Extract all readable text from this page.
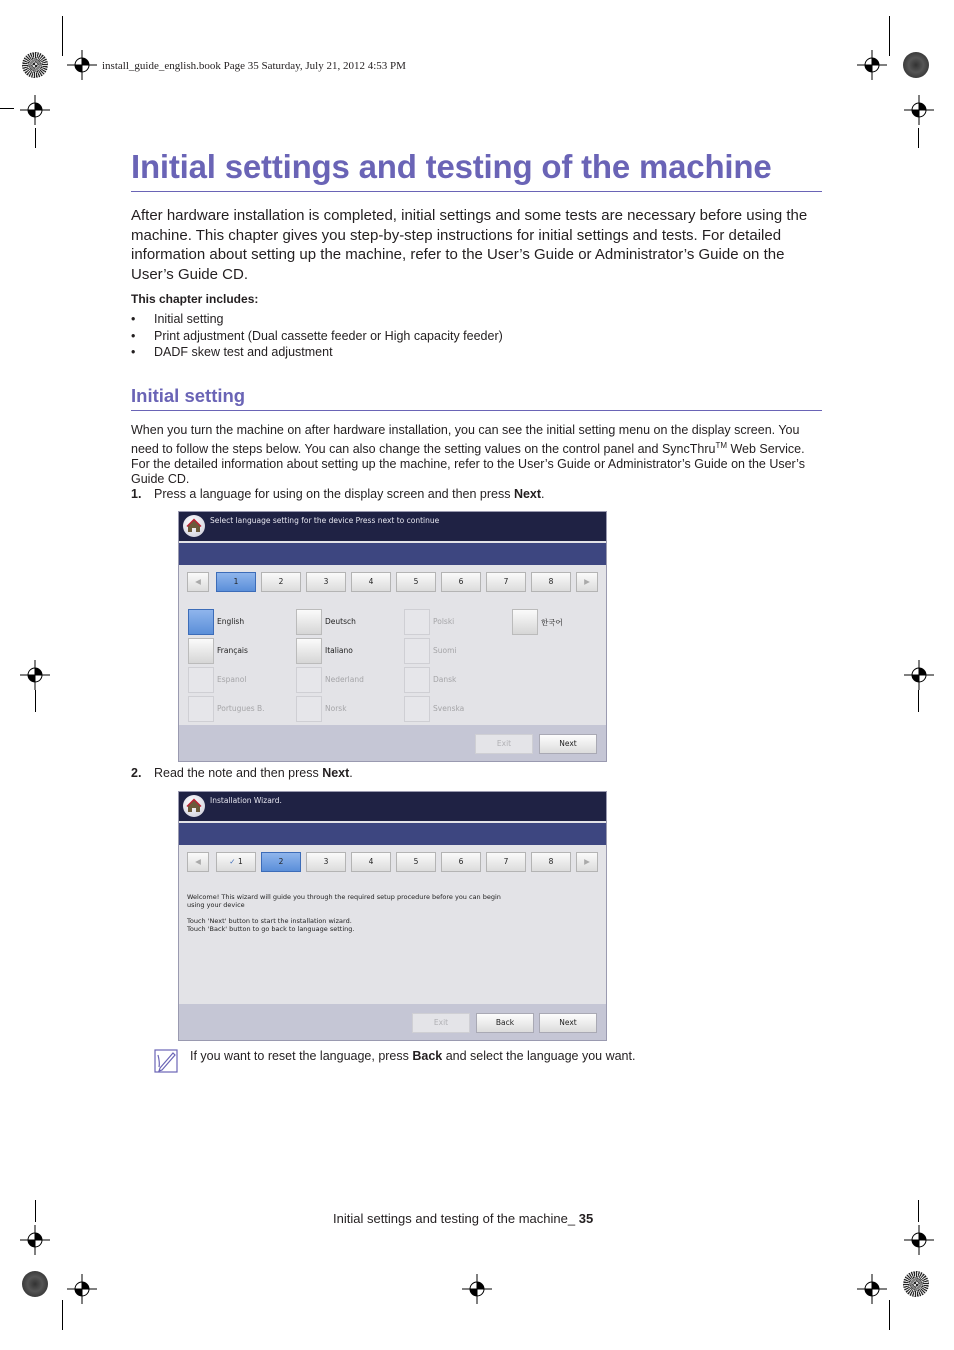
install_guide_english.book Page 35 Saturday, July 21, 2012 4:53 PM
Initial settings and testing of the machine
After hardware installation is completed, initial settings and some tests are necessary before using the machine. This chapter gives you step-by-step instructions for initial settings and tests. For detailed information about setting up the machine, refer to the User’s Guide or Administrator’s Guide on the User’s Guide CD.
This chapter includes:
• Initial setting
• Print adjustment (Dual cassette feeder or High capacity feeder)
• DADF skew test and adjustment
Initial setting
When you turn the machine on after hardware installation, you can see the initial setting menu on the display screen. You need to follow the steps below. You can also change the setting values on the control panel and SyncThru™ Web Service. For the detailed information about setting up the machine, refer to the User’s Guide or Administrator’s Guide on the User’s Guide CD.
1. Press a language for using on the display screen and then press Next.
Select language setting for the device Press next to continue
◀	1	2	3	4	5	6	7	8	▶
English
Français
Espanol
Portugues B.
Deutsch
Italiano
Nederland
Norsk
Polski
Suomi
Dansk
Svenska
한국어
Exit	Next
2. Read the note and then press Next.
Installation Wizard.
◀	✓ 1	2	3	4	5	6	7	8	▶
Welcome! This wizard will guide you through the required setup procedure before you can begin
using your device
Touch 'Next' button to start the installation wizard.
Touch 'Back' button to go back to language setting.
Exit	Back	Next
If you want to reset the language, press Back and select the language you want.
Initial settings and testing of the machine_ 35
